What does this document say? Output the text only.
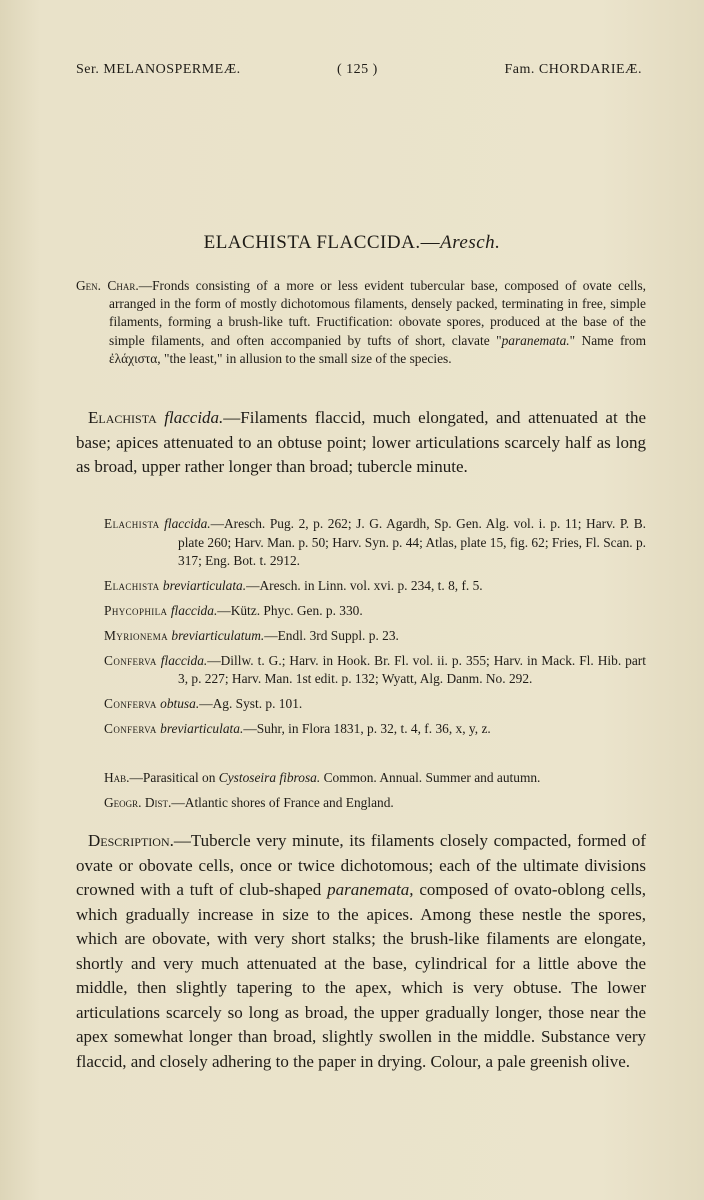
Ser. MELANOSPERMEÆ.	( 125 )	Fam. CHORDARIEÆ.
ELACHISTA FLACCIDA.—Aresch.

Gen. Char.—Fronds consisting of a more or less evident tubercular base, composed of ovate cells, arranged in the form of mostly dichotomous filaments, densely packed, terminating in free, simple filaments, forming a brush-like tuft. Fructification: obovate spores, produced at the base of the simple filaments, and often accompanied by tufts of short, clavate "paranemata." Name from ἐλάχιστα, "the least," in allusion to the small size of the species.

Elachista flaccida.—Filaments flaccid, much elongated, and attenuated at the base; apices attenuated to an obtuse point; lower articulations scarcely half as long as broad, upper rather longer than broad; tubercle minute.

Elachista flaccida.—Aresch. Pug. 2, p. 262; J. G. Agardh, Sp. Gen. Alg. vol. i. p. 11; Harv. P. B. plate 260; Harv. Man. p. 50; Harv. Syn. p. 44; Atlas, plate 15, fig. 62; Fries, Fl. Scan. p. 317; Eng. Bot. t. 2912.

Elachista breviarticulata.—Aresch. in Linn. vol. xvi. p. 234, t. 8, f. 5.

Phycophila flaccida.—Kütz. Phyc. Gen. p. 330.

Myrionema breviarticulatum.—Endl. 3rd Suppl. p. 23.

Conferva flaccida.—Dillw. t. G.; Harv. in Hook. Br. Fl. vol. ii. p. 355; Harv. in Mack. Fl. Hib. part 3, p. 227; Harv. Man. 1st edit. p. 132; Wyatt, Alg. Danm. No. 292.

Conferva obtusa.—Ag. Syst. p. 101.

Conferva breviarticulata.—Suhr, in Flora 1831, p. 32, t. 4, f. 36, x, y, z.

Hab.—Parasitical on Cystoseira fibrosa. Common. Annual. Summer and autumn.
Geogr. Dist.—Atlantic shores of France and England.

Description.—Tubercle very minute, its filaments closely compacted, formed of ovate or obovate cells, once or twice dichotomous; each of the ultimate divisions crowned with a tuft of club-shaped paranemata, composed of ovato-oblong cells, which gradually increase in size to the apices. Among these nestle the spores, which are obovate, with very short stalks; the brush-like filaments are elongate, shortly and very much attenuated at the base, cylindrical for a little above the middle, then slightly tapering to the apex, which is very obtuse. The lower articulations scarcely so long as broad, the upper gradually longer, those near the apex somewhat longer than broad, slightly swollen in the middle. Substance very flaccid, and closely adhering to the paper in drying. Colour, a pale greenish olive.
